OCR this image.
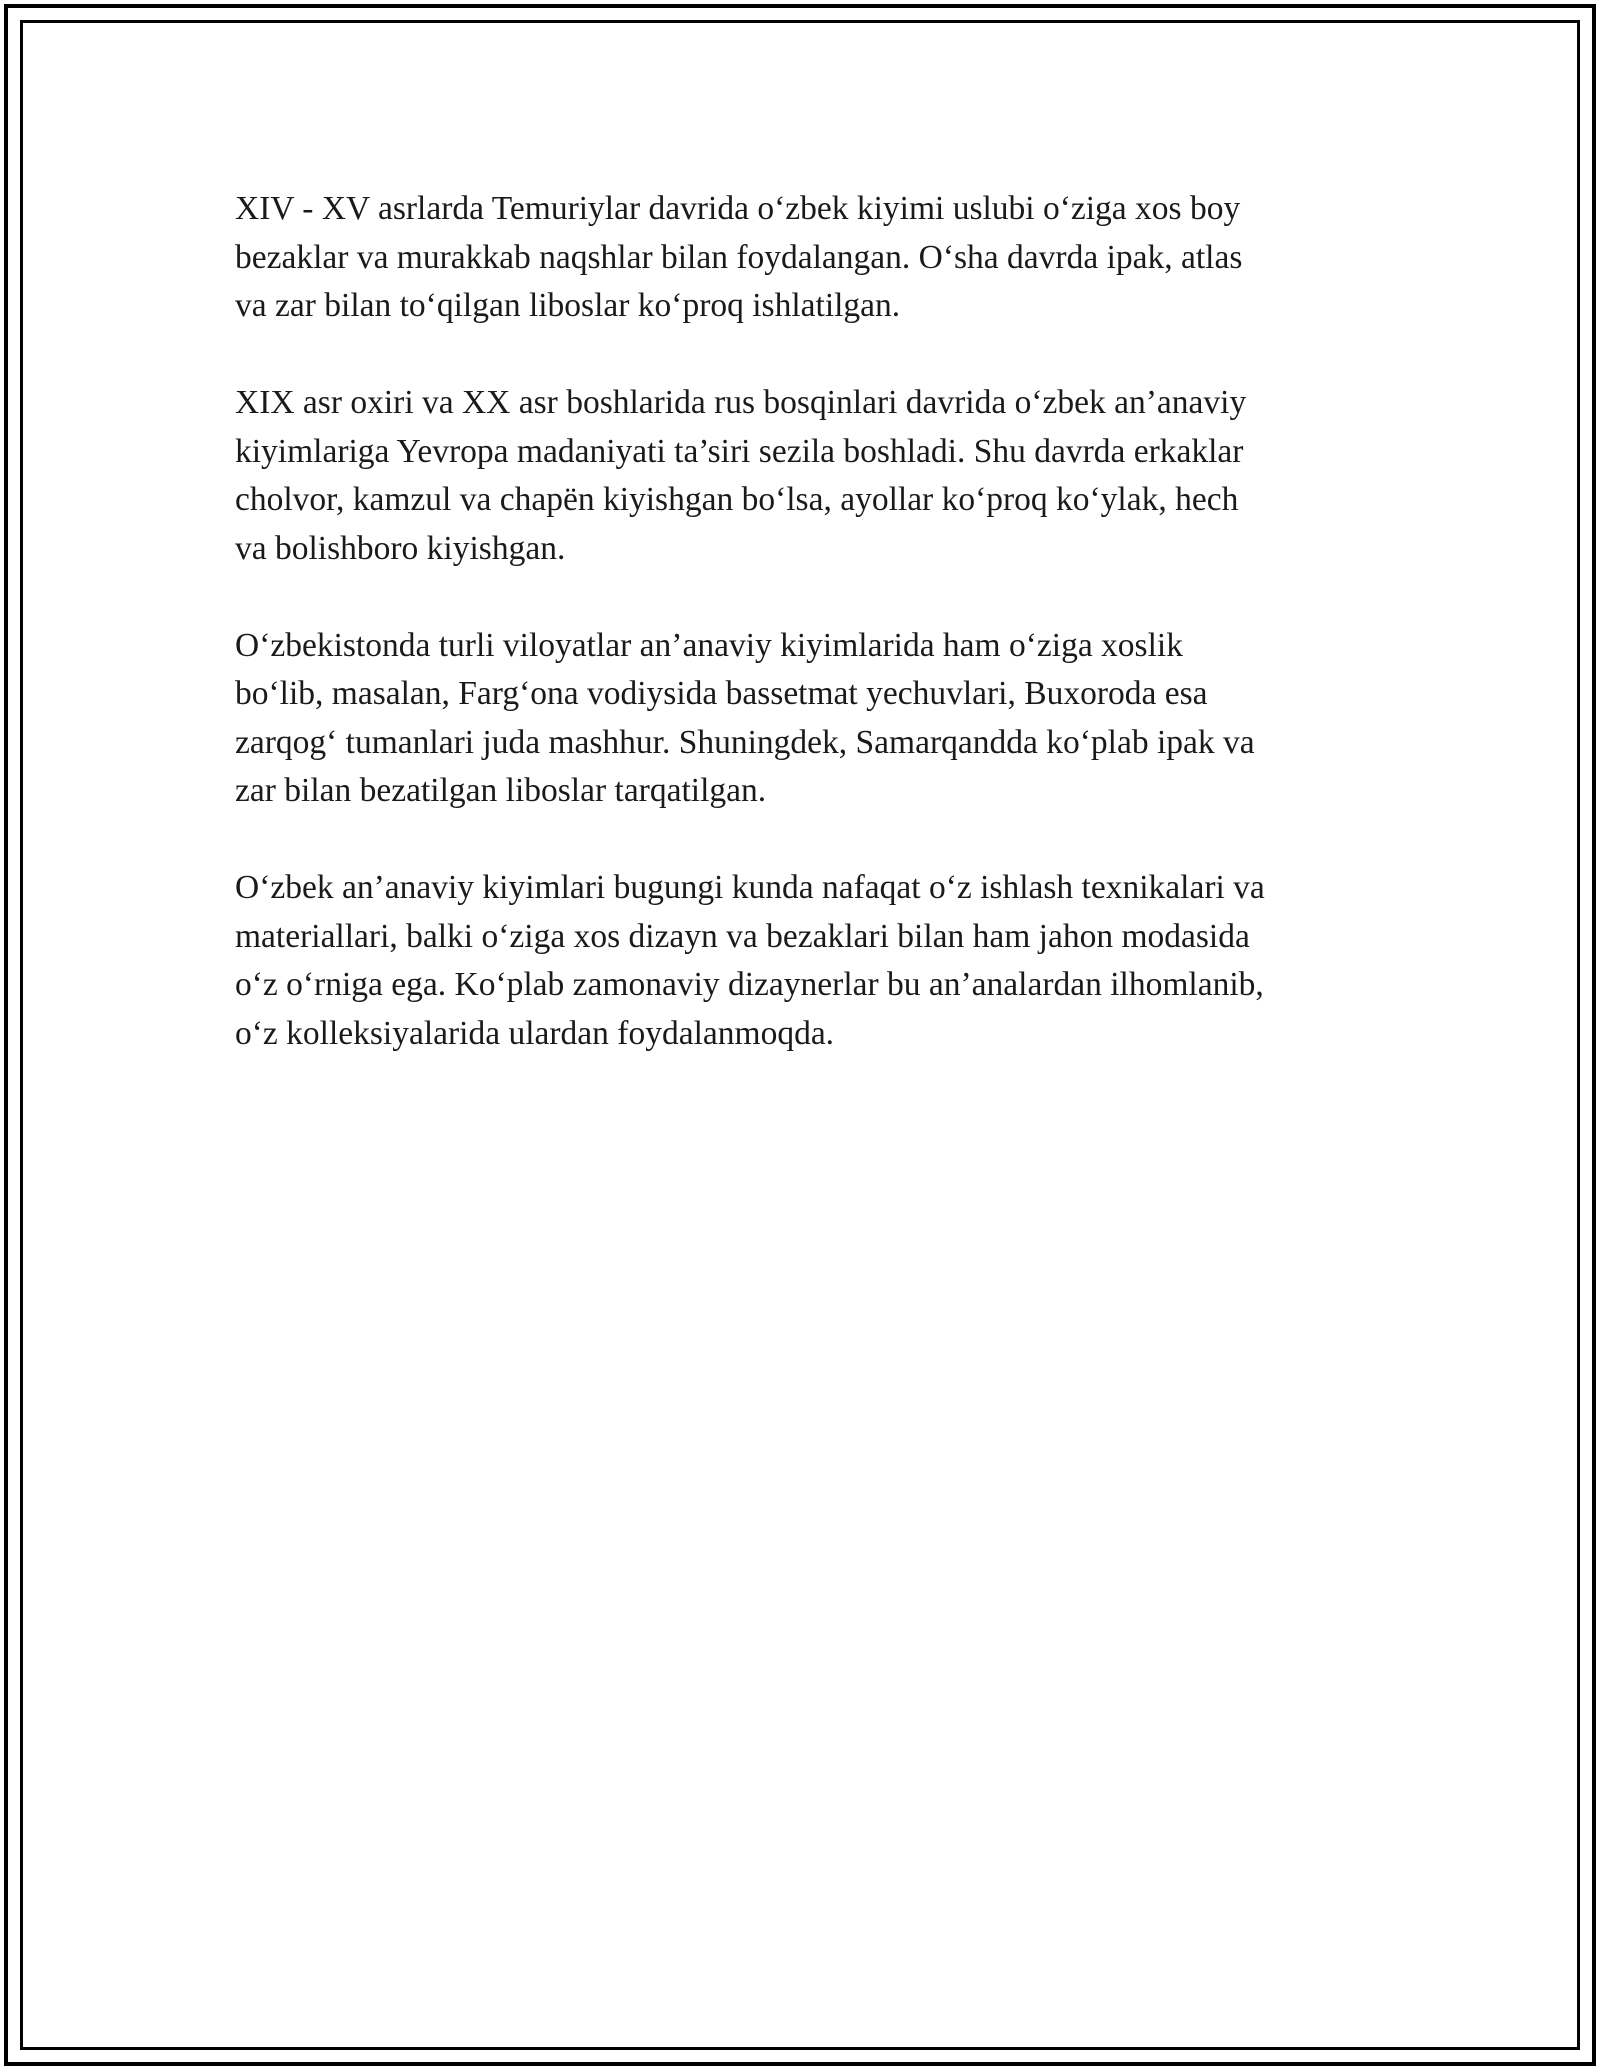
XIV - XV asrlarda Temuriylar davrida oʻzbek kiyimi uslubi oʻziga xos boy
bezaklar va murakkab naqshlar bilan foydalangan. Oʻsha davrda ipak, atlas
va zar bilan toʻqilgan liboslar koʻproq ishlatilgan.

XIX asr oxiri va XX asr boshlarida rus bosqinlari davrida oʻzbek an’anaviy
kiyimlariga Yevropa madaniyati ta’siri sezila boshladi. Shu davrda erkaklar
cholvor, kamzul va chapën kiyishgan boʻlsa, ayollar koʻproq koʻylak, hech
va bolishboro kiyishgan.

Oʻzbekistonda turli viloyatlar an’anaviy kiyimlarida ham oʻziga xoslik
boʻlib, masalan, Fargʻona vodiysida bassetmat yechuvlari, Buxoroda esa
zarqogʻ tumanlari juda mashhur. Shuningdek, Samarqandda koʻplab ipak va
zar bilan bezatilgan liboslar tarqatilgan.

Oʻzbek an’anaviy kiyimlari bugungi kunda nafaqat oʻz ishlash texnikalari va
materiallari, balki oʻziga xos dizayn va bezaklari bilan ham jahon modasida
oʻz oʻrniga ega. Koʻplab zamonaviy dizaynerlar bu an’analardan ilhomlanib,
oʻz kolleksiyalarida ulardan foydalanmoqda.
